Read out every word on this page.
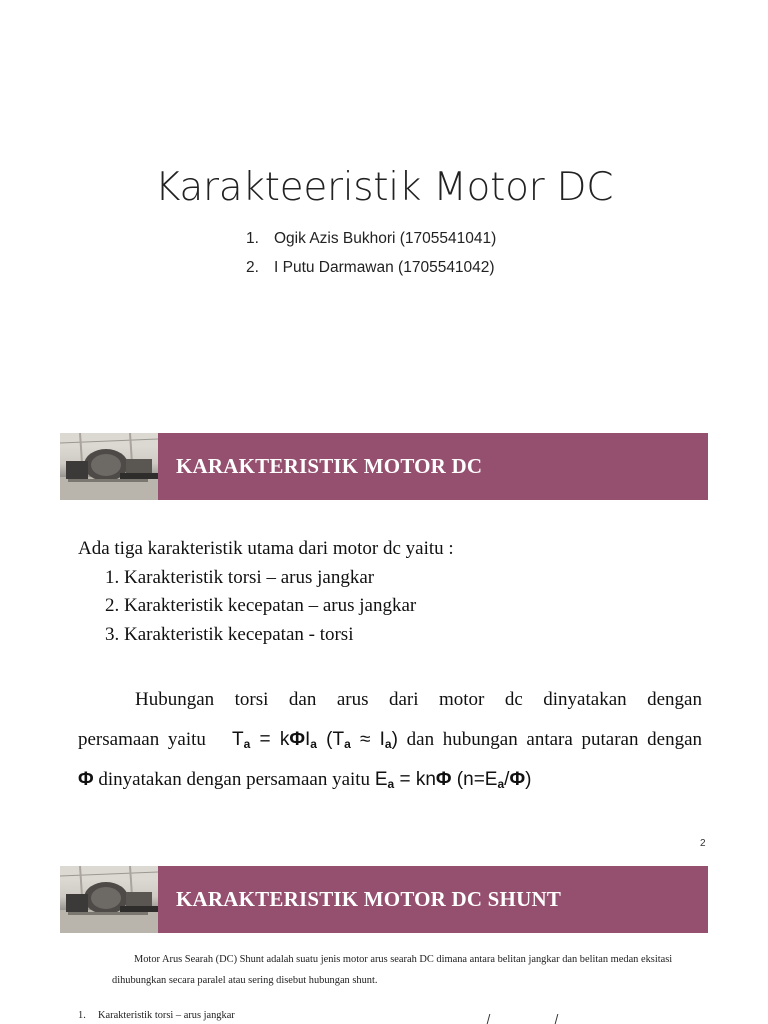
Karakteeristik Motor DC
1. Ogik Azis Bukhori (1705541041)
2. I Putu Darmawan (1705541042)
KARAKTERISTIK MOTOR DC
Ada tiga karakteristik utama dari motor dc yaitu :
1. Karakteristik torsi – arus jangkar
2. Karakteristik kecepatan – arus jangkar
3. Karakteristik kecepatan - torsi
Hubungan torsi dan arus dari motor dc dinyatakan dengan
persamaan yaitu $T_a = k\Phi I_a$ $(T_a \approx I_a)$ dan hubungan antara putaran dengan
Φ dinyatakan dengan persamaan yaitu $E_a = kn\Phi$ $(n=E_a/\Phi)$
2
KARAKTERISTIK MOTOR DC SHUNT
Motor Arus Searah (DC) Shunt adalah suatu jenis motor arus searah DC dimana antara belitan jangkar dan belitan medan eksitasi dihubungkan secara paralel atau sering disebut hubungan shunt.
1.	Karakteristik torsi – arus jangkar
